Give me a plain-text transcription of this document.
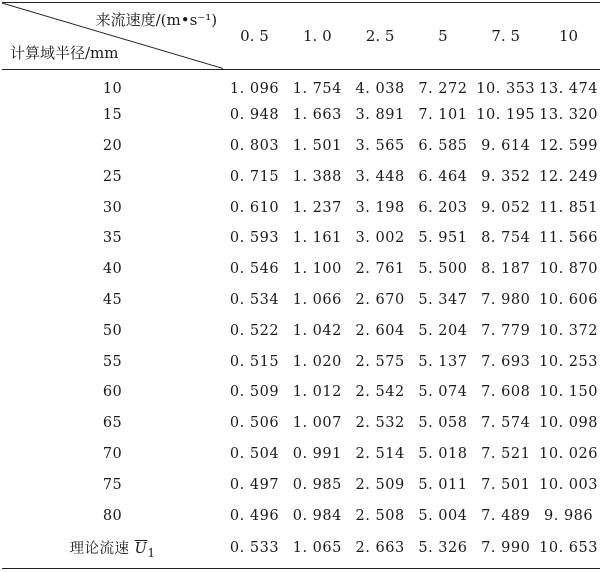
来流速度/(m•s⁻¹)
计算域半径/mm	0. 5	1. 0	2. 5	5	7. 5	10
10	1. 096	1. 754	4. 038	7. 272	10. 353	13. 474
15	0. 948	1. 663	3. 891	7. 101	10. 195	13. 320
20	0. 803	1. 501	3. 565	6. 585	9. 614	12. 599
25	0. 715	1. 388	3. 448	6. 464	9. 352	12. 249
30	0. 610	1. 237	3. 198	6. 203	9. 052	11. 851
35	0. 593	1. 161	3. 002	5. 951	8. 754	11. 566
40	0. 546	1. 100	2. 761	5. 500	8. 187	10. 870
45	0. 534	1. 066	2. 670	5. 347	7. 980	10. 606
50	0. 522	1. 042	2. 604	5. 204	7. 779	10. 372
55	0. 515	1. 020	2. 575	5. 137	7. 693	10. 253
60	0. 509	1. 012	2. 542	5. 074	7. 608	10. 150
65	0. 506	1. 007	2. 532	5. 058	7. 574	10. 098
70	0. 504	0. 991	2. 514	5. 018	7. 521	10. 026
75	0. 497	0. 985	2. 509	5. 011	7. 501	10. 003
80	0. 496	0. 984	2. 508	5. 004	7. 489	9. 986
理论流速 $\overline{U}_1$	0. 533	1. 065	2. 663	5. 326	7. 990	10. 653
